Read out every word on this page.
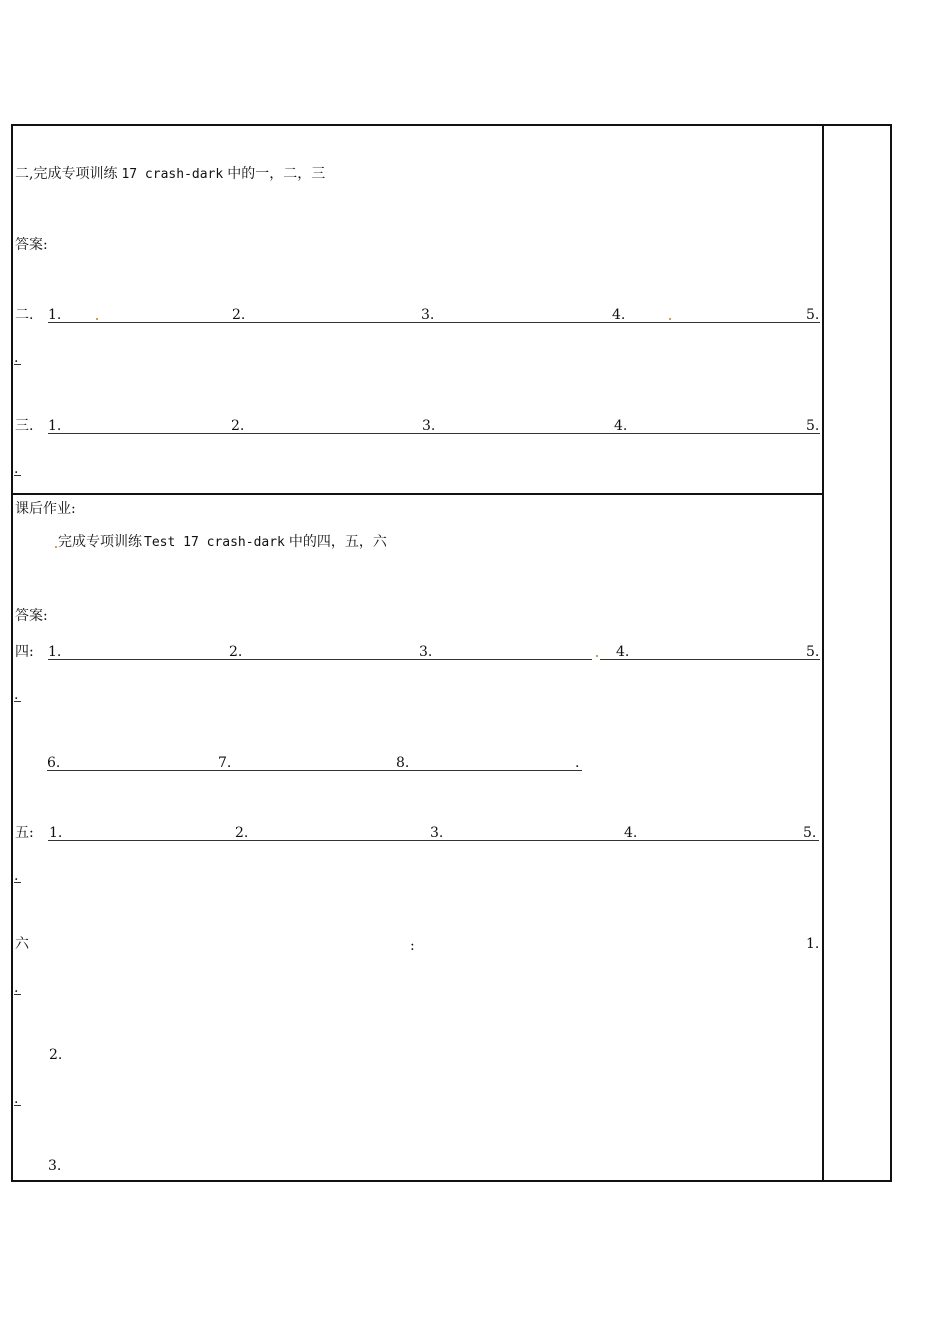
二,完成专项训练 17 crash-dark 中的一，二，三
答案:
二. 1.	2.	3.	4.	5.
.
三. 1.	2.	3.	4.	5.
.
课后作业:
完成专项训练 Test 17 crash-dark 中的四，五，六
答案:
四: 1.	2.	3.	4.	5.
.
6.	7.	8.	.
五: 1.	2.	3.	4.	5.
.
六	:	1.
.
2.
.
3.
